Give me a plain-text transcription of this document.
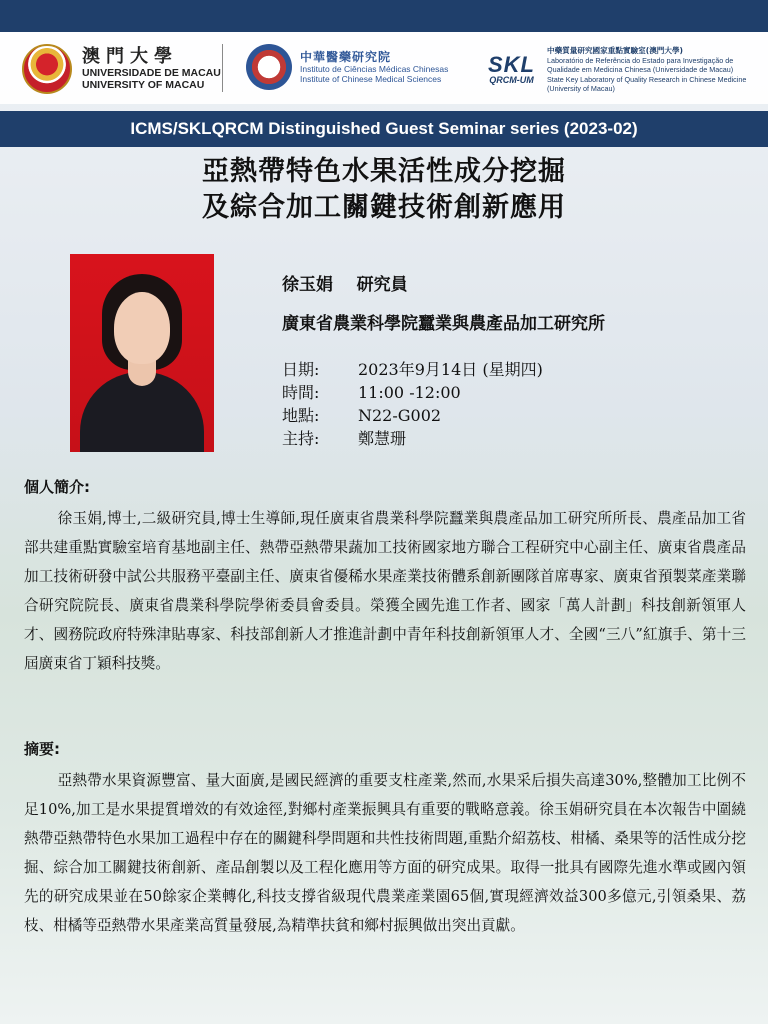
澳門大學
UNIVERSIDADE DE MACAU
UNIVERSITY OF MACAU
中華醫藥研究院
Instituto de Ciências Médicas Chinesas
Institute of Chinese Medical Sciences
SKL
QRCM-UM
中藥質量研究國家重點實驗室(澳門大學)
Laboratório de Referência do Estado para Investigação de Qualidade em Medicina Chinesa (Universidade de Macau)
State Key Laboratory of Quality Research in Chinese Medicine (University of Macau)
ICMS/SKLQRCM Distinguished Guest Seminar series (2023-02)
亞熱帶特色水果活性成分挖掘
及綜合加工關鍵技術創新應用
徐玉娟    研究員
廣東省農業科學院蠶業與農產品加工研究所
日期:	2023年9月14日 (星期四)
時間:	11:00 -12:00
地點:	N22-G002
主持:	鄭慧珊
個人簡介:
徐玉娟,博士,二級研究員,博士生導師,現任廣東省農業科學院蠶業與農產品加工研究所所長、農產品加工省部共建重點實驗室培育基地副主任、熱帶亞熱帶果蔬加工技術國家地方聯合工程研究中心副主任、廣東省農產品加工技術研發中試公共服務平臺副主任、廣東省優稀水果產業技術體系創新團隊首席專家、廣東省預製菜產業聯合研究院院長、廣東省農業科學院學術委員會委員。榮獲全國先進工作者、國家「萬人計劃」科技創新領軍人才、國務院政府特殊津貼專家、科技部創新人才推進計劃中青年科技創新領軍人才、全國“三八”紅旗手、第十三屆廣東省丁穎科技獎。
摘要:
亞熱帶水果資源豐富、量大面廣,是國民經濟的重要支柱產業,然而,水果采后損失高達30%,整體加工比例不足10%,加工是水果提質增效的有效途徑,對鄉村產業振興具有重要的戰略意義。徐玉娟研究員在本次報告中圍繞熱帶亞熱帶特色水果加工過程中存在的關鍵科學問題和共性技術問題,重點介紹荔枝、柑橘、桑果等的活性成分挖掘、綜合加工關鍵技術創新、產品創製以及工程化應用等方面的研究成果。取得一批具有國際先進水準或國內領先的研究成果並在50餘家企業轉化,科技支撐省級現代農業產業園65個,實現經濟效益300多億元,引領桑果、荔枝、柑橘等亞熱帶水果產業高質量發展,為精準扶貧和鄉村振興做出突出貢獻。
